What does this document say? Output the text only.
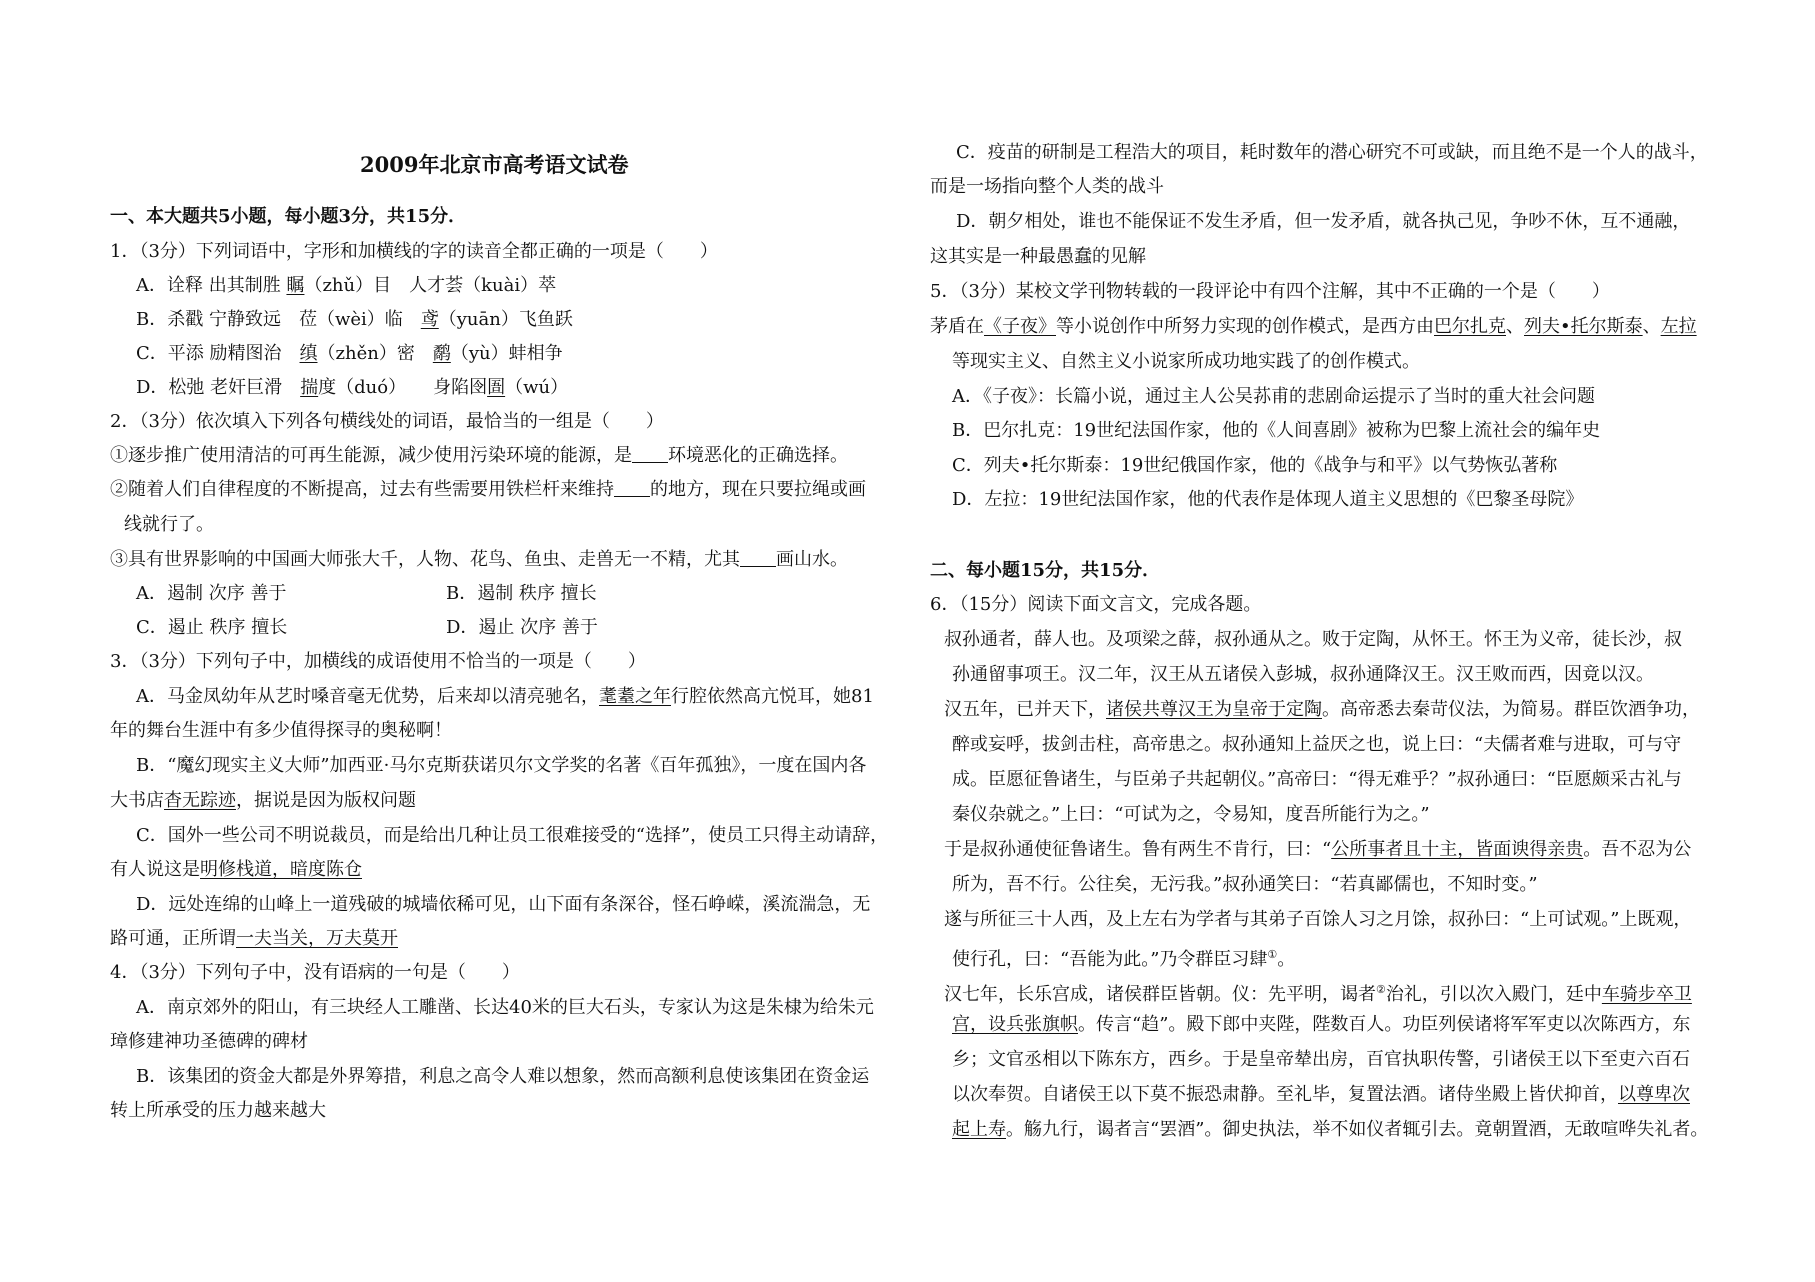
2009年北京市高考语文试卷
一、本大题共5小题，每小题3分，共15分．
1．（3分）下列词语中，字形和加横线的字的读音全都正确的一项是（　　）
A．诠释 出其制胜 瞩（zhǔ）目　人才荟（kuài）萃
B．杀戳 宁静致远　莅（wèi）临　鸢（yuān）飞鱼跃
C．平添 励精图治　缜（zhěn）密　鹬（yù）蚌相争
D．松弛 老奸巨滑　揣度（duó）　　身陷囹圄（wú）
2．（3分）依次填入下列各句横线处的词语，最恰当的一组是（　　）
①逐步推广使用清洁的可再生能源，减少使用污染环境的能源，是 环境恶化的正确选择。
②随着人们自律程度的不断提高，过去有些需要用铁栏杆来维持 的地方，现在只要拉绳或画
线就行了。
③具有世界影响的中国画大师张大千，人物、花鸟、鱼虫、走兽无一不精，尤其 画山水。
A．遏制 次序 善于	B．遏制 秩序 擅长
C．遏止 秩序 擅长	D．遏止 次序 善于
3．（3分）下列句子中，加横线的成语使用不恰当的一项是（　　）
A．马金凤幼年从艺时嗓音毫无优势，后来却以清亮驰名，耄耋之年行腔依然高亢悦耳，她81
年的舞台生涯中有多少值得探寻的奥秘啊！
B．“魔幻现实主义大师”加西亚·马尔克斯获诺贝尔文学奖的名著《百年孤独》，一度在国内各
大书店杳无踪迹，据说是因为版权问题
C．国外一些公司不明说裁员，而是给出几种让员工很难接受的“选择”，使员工只得主动请辞，
有人说这是明修栈道，暗度陈仓
D．远处连绵的山峰上一道残破的城墙依稀可见，山下面有条深谷，怪石峥嵘，溪流湍急，无
路可通，正所谓一夫当关，万夫莫开
4．（3分）下列句子中，没有语病的一句是（　　）
A．南京郊外的阳山，有三块经人工雕凿、长达40米的巨大石头，专家认为这是朱棣为给朱元
璋修建神功圣德碑的碑材
B．该集团的资金大都是外界筹措，利息之高令人难以想象，然而高额利息使该集团在资金运
转上所承受的压力越来越大
C．疫苗的研制是工程浩大的项目，耗时数年的潜心研究不可或缺，而且绝不是一个人的战斗，
而是一场指向整个人类的战斗
D．朝夕相处，谁也不能保证不发生矛盾，但一发矛盾，就各执己见，争吵不休，互不通融，
这其实是一种最愚蠢的见解
5．（3分）某校文学刊物转载的一段评论中有四个注解，其中不正确的一个是（　　）
茅盾在《子夜》等小说创作中所努力实现的创作模式，是西方由巴尔扎克、列夫•托尔斯泰、左拉
等现实主义、自然主义小说家所成功地实践了的创作模式。
A．《子夜》：长篇小说，通过主人公吴荪甫的悲剧命运提示了当时的重大社会问题
B．巴尔扎克：19世纪法国作家，他的《人间喜剧》被称为巴黎上流社会的编年史
C．列夫•托尔斯泰：19世纪俄国作家，他的《战争与和平》以气势恢弘著称
D．左拉：19世纪法国作家，他的代表作是体现人道主义思想的《巴黎圣母院》
二、每小题15分，共15分．
6．（15分）阅读下面文言文，完成各题。
叔孙通者，薛人也。及项梁之薛，叔孙通从之。败于定陶，从怀王。怀王为义帝，徒长沙，叔
孙通留事项王。汉二年，汉王从五诸侯入彭城，叔孙通降汉王。汉王败而西，因竟以汉。
汉五年，已并天下，诸侯共尊汉王为皇帝于定陶。高帝悉去秦苛仪法，为简易。群臣饮酒争功，
醉或妄呼，拔剑击柱，高帝患之。叔孙通知上益厌之也，说上曰：“夫儒者难与进取，可与守
成。臣愿征鲁诸生，与臣弟子共起朝仪。”高帝曰：“得无难乎？”叔孙通曰：“臣愿颇采古礼与
秦仪杂就之。”上曰：“可试为之，令易知，度吾所能行为之。”
于是叔孙通使征鲁诸生。鲁有两生不肯行，曰：“公所事者且十主，皆面谀得亲贵。吾不忍为公
所为，吾不行。公往矣，无污我。”叔孙通笑曰：“若真鄙儒也，不知时变。”
遂与所征三十人西，及上左右为学者与其弟子百馀人习之月馀，叔孙曰：“上可试观。”上既观，
使行孔，曰：“吾能为此。”乃令群臣习肆①。
汉七年，长乐宫成，诸侯群臣皆朝。仪：先平明，谒者②治礼，引以次入殿门，廷中车骑步卒卫
宫，设兵张旗帜。传言“趋”。殿下郎中夹陛，陛数百人。功臣列侯诸将军军吏以次陈西方，东
乡；文官丞相以下陈东方，西乡。于是皇帝辇出房，百官执职传警，引诸侯王以下至吏六百石
以次奉贺。自诸侯王以下莫不振恐肃静。至礼毕，复置法酒。诸侍坐殿上皆伏抑首，以尊卑次
起上寿。觞九行，谒者言“罢酒”。御史执法，举不如仪者辄引去。竟朝置酒，无敢喧哗失礼者。
